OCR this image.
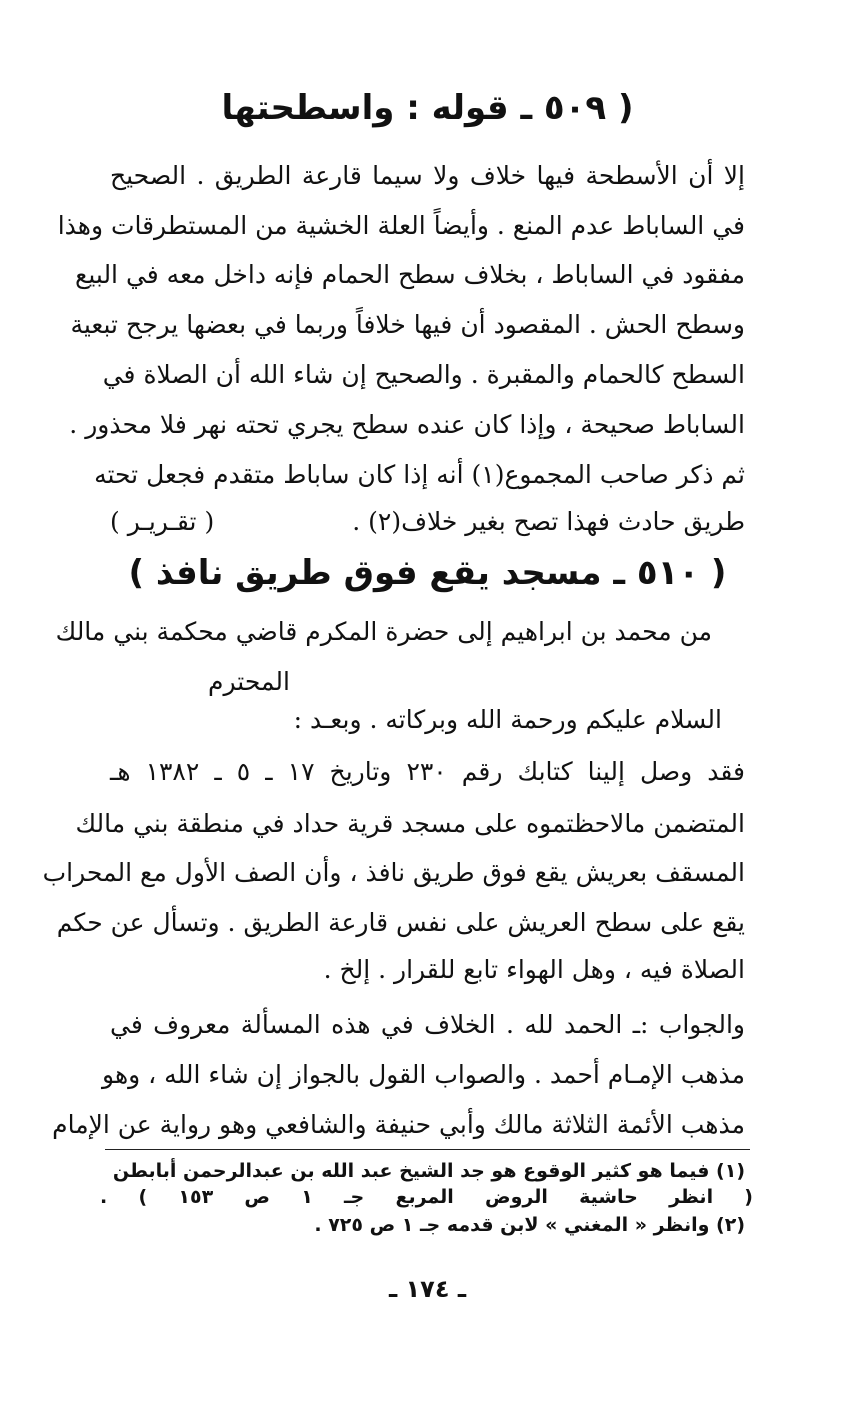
( ٥٠٩ ـ قوله : واسطحتها
إلا أن الأسطحة فيها خلاف ولا سيما قارعة الطريق . الصحيح
في الساباط عدم المنع . وأيضاً العلة الخشية من المستطرقات وهذا
مفقود في الساباط ، بخلاف سطح الحمام فإنه داخل معه في البيع
وسطح الحش . المقصود أن فيها خلافاً وربما في بعضها يرجح تبعية
السطح كالحمام والمقبرة . والصحيح إن شاء الله أن الصلاة في
الساباط صحيحة ، وإذا كان عنده سطح يجري تحته نهر فلا محذور .
ثم ذكر صاحب المجموع(١) أنه إذا كان ساباط متقدم فجعل تحته
طريق حادث فهذا تصح بغير خلاف(٢) .
( تقـريـر )
( ٥١٠ ـ مسجد يقع فوق طريق نافذ )
من محمد بن ابراهيم إلى حضرة المكرم قاضي محكمة بني مالك
المحترم
السلام عليكم ورحمة الله وبركاته . وبعـد :
فقد وصل إلينا كتابك رقم ٢٣٠ وتاريخ ١٧ ـ ٥ ـ ١٣٨٢ هـ
المتضمن مالاحظتموه على مسجد قرية حداد في منطقة بني مالك
المسقف بعريش يقع فوق طريق نافذ ، وأن الصف الأول مع المحراب
يقع على سطح العريش على نفس قارعة الطريق . وتسأل عن حكم
الصلاة فيه ، وهل الهواء تابع للقرار . إلخ .
والجواب :ـ الحمد لله . الخلاف في هذه المسألة معروف في
مذهب الإمـام أحمد . والصواب القول بالجواز إن شاء الله ، وهو
مذهب الأئمة الثلاثة مالك وأبي حنيفة والشافعي وهو رواية عن الإمام
(١) فيما هو كثير الوقوع هو جد الشيخ عبد الله بن عبدالرحمن أبابطن
( انظر حاشية الروض المربع جـ ١ ص ١٥٣ ) .
(٢) وانظر « المغني » لابن قدمه جـ ١ ص ٧٢٥ .
ـ ١٧٤ ـ
